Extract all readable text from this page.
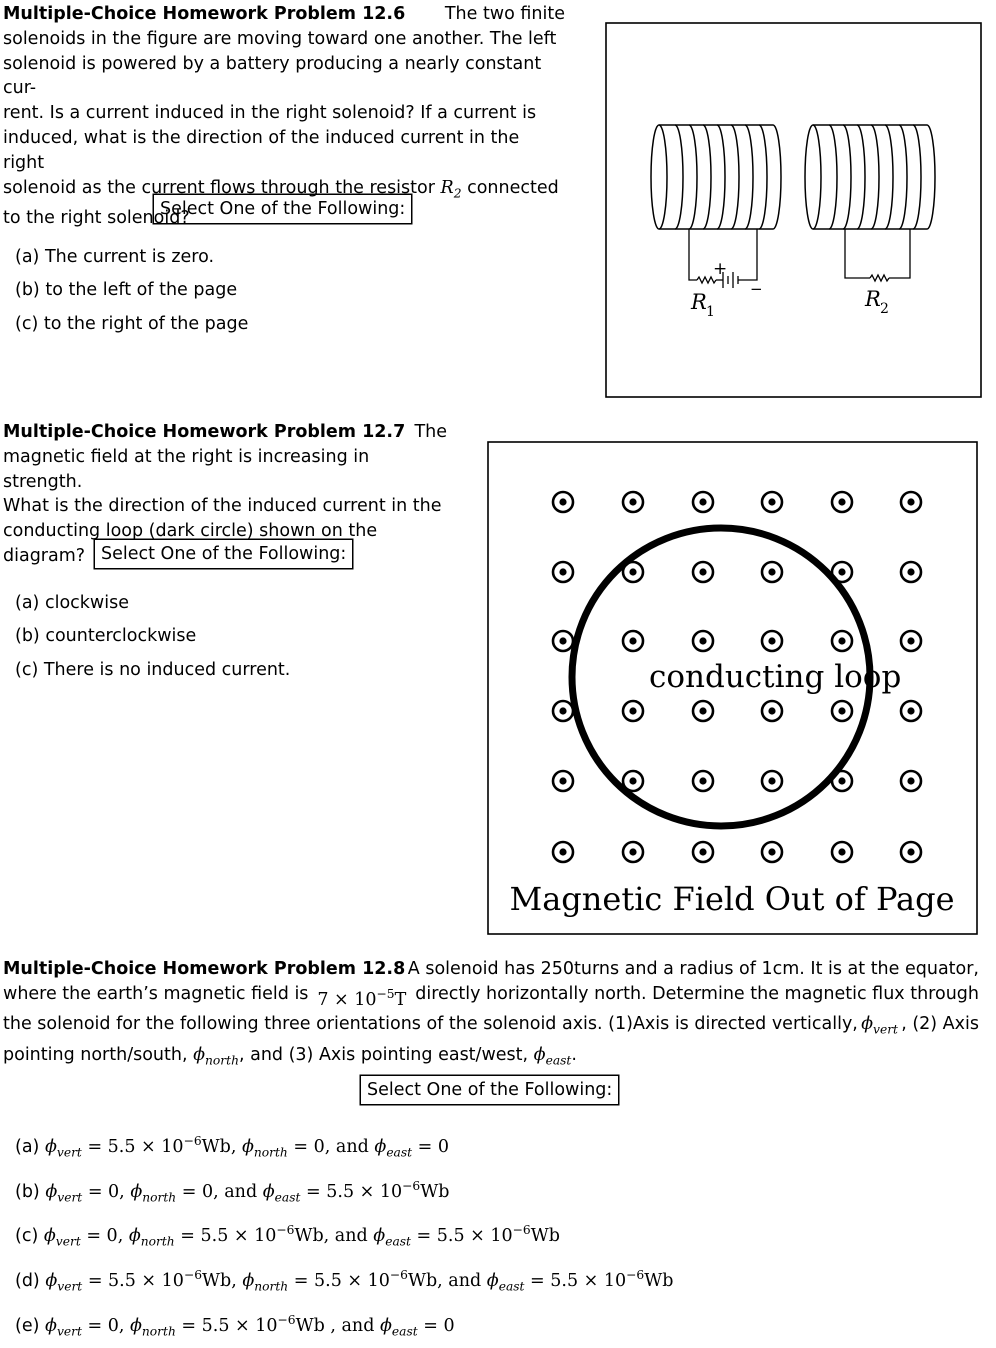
Multiple-Choice Homework Problem 12.6 The two finite
solenoids in the figure are moving toward one another. The left
solenoid is powered by a battery producing a nearly constant cur-
rent. Is a current induced in the right solenoid? If a current is
induced, what is the direction of the induced current in the right
solenoid as the current flows through the resistor $R_2$ connected
to the right solenoid?
Select One of the Following:
(a) The current is zero.
(b) to the left of the page
(c) to the right of the page
+
−
R 1
R 2
Multiple-Choice Homework Problem 12.7 The
magnetic field at the right is increasing in strength.
What is the direction of the induced current in the
conducting loop (dark circle) shown on the diagram? Select One of the Following:
(a) clockwise
(b) counterclockwise
(c) There is no induced current.	conducting loop
Magnetic Field Out of Page
Multiple-Choice Homework Problem 12.8 A solenoid has 250turns and a radius of 1cm. It is at the equator,
where the earth’s magnetic field is $7 \times 10^{-5}T$ directly horizontally north. Determine the magnetic flux through
the solenoid for the following three orientations of the solenoid axis. (1)Axis is directed vertically, $\phi_{vert}$ , (2) Axis
pointing north/south, $\phi_{north}$, and (3) Axis pointing east/west, $\phi_{east}$.
Select One of the Following:
(a) $\phi_{vert} = 5.5 \times 10^{-6}Wb$, $\phi_{north} = 0$, and $\phi_{east} = 0$
(b) $\phi_{vert} = 0$, $\phi_{north} = 0$, and $\phi_{east} = 5.5 \times 10^{-6}Wb$
(c) $\phi_{vert} = 0$, $\phi_{north} = 5.5 \times 10^{-6}Wb$, and $\phi_{east} = 5.5 \times 10^{-6}Wb$
(d) $\phi_{vert} = 5.5 \times 10^{-6}Wb$, $\phi_{north} = 5.5 \times 10^{-6}Wb$, and $\phi_{east} = 5.5 \times 10^{-6}Wb$
(e) $\phi_{vert} = 0$, $\phi_{north} = 5.5 \times 10^{-6}Wb$ , and $\phi_{east} = 0$
